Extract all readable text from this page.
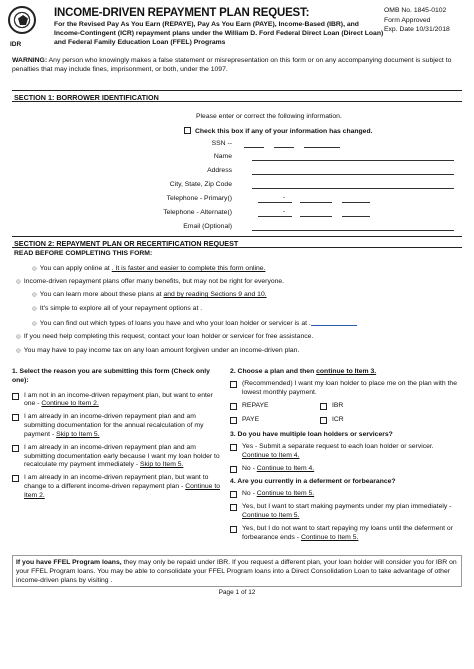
IDR
INCOME-DRIVEN REPAYMENT PLAN REQUEST:
For the Revised Pay As You Earn (REPAYE), Pay As You Earn (PAYE), Income-Based (IBR), and Income-Contingent (ICR) repayment plans under the William D. Ford Federal Direct Loan (Direct Loan) and Federal Family Education Loan (FFEL) Programs
OMB No. 1845-0102
Form Approved
Exp. Date 10/31/2018
WARNING: Any person who knowingly makes a false statement or misrepresentation on this form or on any accompanying document is subject to penalties that may include fines, imprisonment, or both, under the 1097.
SECTION 1: BORROWER IDENTIFICATION
Please enter or correct the following information.
Check this box if any of your information has changed.
SSN --
Name
Address
City, State, Zip Code
Telephone - Primary()	-
Telephone - Alternate()	-
Email (Optional)
SECTION 2: REPAYMENT PLAN OR RECERTIFICATION REQUEST
READ BEFORE COMPLETING THIS FORM:
◎ You can apply online at . It is faster and easier to complete this form online.
◎ Income-driven repayment plans offer many benefits, but may not be right for everyone.
◎ You can learn more about these plans at and by reading Sections 9 and 10.
◎ It's simple to explore all of your repayment options at .
◎ You can find out which types of loans you have and who your loan holder or servicer is at .
◎ If you need help completing this request, contact your loan holder or servicer for free assistance.
◎ You may have to pay income tax on any loan amount forgiven under an income-driven plan.
1. Select the reason you are submitting this form (Check only one):
I am not in an income-driven repayment plan, but want to enter one - Continue to Item 2.
I am already in an income-driven repayment plan and am submitting documentation for the annual recalculation of my payment - Skip to Item 5.
I am already in an income-driven repayment plan and am submitting documentation early because I want my loan holder to recalculate my payment immediately - Skip to Item 5.
I am already in an income-driven repayment plan, but want to change to a different income-driven repayment plan - Continue to Item 2.
2. Choose a plan and then continue to Item 3.
(Recommended) I want my loan holder to place me on the plan with the lowest monthly payment.
REPAYE	IBR
PAYE	ICR
3. Do you have multiple loan holders or servicers?
Yes - Submit a separate request to each loan holder or servicer. Continue to Item 4.
No - Continue to Item 4.
4. Are you currently in a deferment or forbearance?
No - Continue to Item 5.
Yes, but I want to start making payments under my plan immediately - Continue to Item 5.
Yes, but I do not want to start repaying my loans until the deferment or forbearance ends - Continue to Item 5.
If you have FFEL Program loans, they may only be repaid under IBR. If you request a different plan, your loan holder will consider you for IBR on your FFEL Program loans. You may be able to consolidate your FFEL Program loans into a Direct Consolidation Loan to take advantage of other income-driven plans by visiting .
Page 1 of 12
